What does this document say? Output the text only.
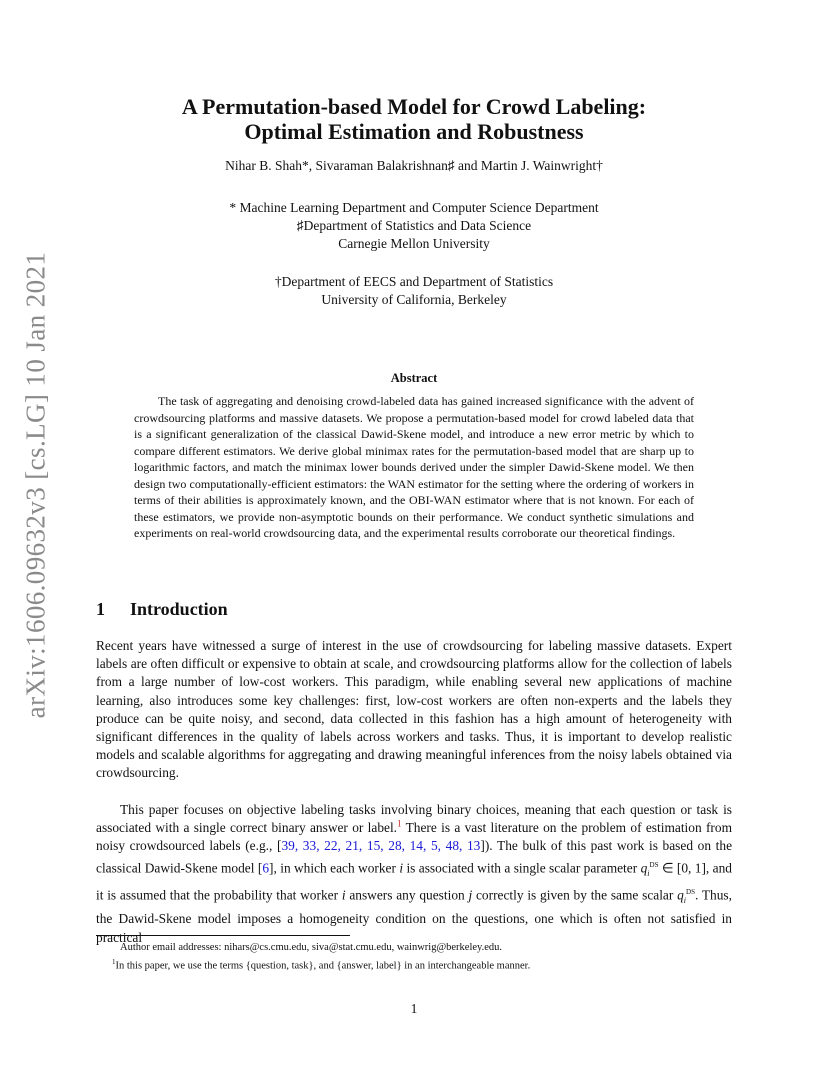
arXiv:1606.09632v3 [cs.LG] 10 Jan 2021
A Permutation-based Model for Crowd Labeling:
Optimal Estimation and Robustness
Nihar B. Shah*, Sivaraman Balakrishnan♯ and Martin J. Wainwright†
* Machine Learning Department and Computer Science Department
♯Department of Statistics and Data Science
Carnegie Mellon University
†Department of EECS and Department of Statistics
University of California, Berkeley
Abstract
The task of aggregating and denoising crowd-labeled data has gained increased significance with the advent of crowdsourcing platforms and massive datasets. We propose a permutation-based model for crowd labeled data that is a significant generalization of the classical Dawid-Skene model, and introduce a new error metric by which to compare different estimators. We derive global minimax rates for the permutation-based model that are sharp up to logarithmic factors, and match the minimax lower bounds derived under the simpler Dawid-Skene model. We then design two computationally-efficient estimators: the WAN estimator for the setting where the ordering of workers in terms of their abilities is approximately known, and the OBI-WAN estimator where that is not known. For each of these estimators, we provide non-asymptotic bounds on their performance. We conduct synthetic simulations and experiments on real-world crowdsourcing data, and the experimental results corroborate our theoretical findings.
1 Introduction
Recent years have witnessed a surge of interest in the use of crowdsourcing for labeling massive datasets. Expert labels are often difficult or expensive to obtain at scale, and crowdsourcing platforms allow for the collection of labels from a large number of low-cost workers. This paradigm, while enabling several new applications of machine learning, also introduces some key challenges: first, low-cost workers are often non-experts and the labels they produce can be quite noisy, and second, data collected in this fashion has a high amount of heterogeneity with significant differences in the quality of labels across workers and tasks. Thus, it is important to develop realistic models and scalable algorithms for aggregating and drawing meaningful inferences from the noisy labels obtained via crowdsourcing.
This paper focuses on objective labeling tasks involving binary choices, meaning that each question or task is associated with a single correct binary answer or label.$^1$ There is a vast literature on the problem of estimation from noisy crowdsourced labels (e.g., [39, 33, 22, 21, 15, 28, 14, 5, 48, 13]). The bulk of this past work is based on the classical Dawid-Skene model [6], in which each worker i is associated with a single scalar parameter $q_i^{DS}$ ∈ [0, 1], and it is assumed that the probability that worker i answers any question j correctly is given by the same scalar $q_i^{DS}$. Thus, the Dawid-Skene model imposes a homogeneity condition on the questions, one which is often not satisfied in practical
Author email addresses: nihars@cs.cmu.edu, siva@stat.cmu.edu, wainwrig@berkeley.edu.
$^1$In this paper, we use the terms {question, task}, and {answer, label} in an interchangeable manner.
1
